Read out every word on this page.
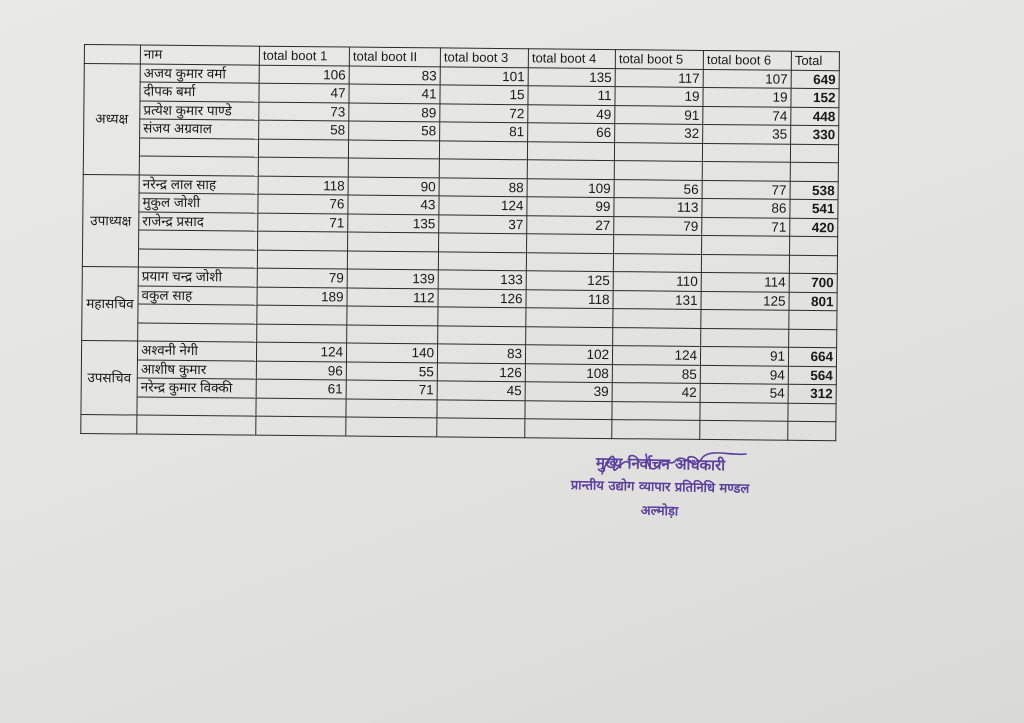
	नाम	total boot 1	total boot II	total boot 3	total boot 4	total boot 5	total boot 6	Total
अध्यक्ष	अजय कुमार वर्मा	106	83	101	135	117	107	649
	दीपक बर्मा	47	41	15	11	19	19	152
	प्रत्येश कुमार पाण्डे	73	89	72	49	91	74	448
	संजय अग्रवाल	58	58	81	66	32	35	330

उपाध्यक्ष	नरेन्द्र लाल साह	118	90	88	109	56	77	538
	मुकुल जोशी	76	43	124	99	113	86	541
	राजेन्द्र प्रसाद	71	135	37	27	79	71	420

महासचिव	प्रयाग चन्द्र जोशी	79	139	133	125	110	114	700
	वकुल साह	189	112	126	118	131	125	801

उपसचिव	अश्वनी नेगी	124	140	83	102	124	91	664
	आशीष कुमार	96	55	126	108	85	94	564
	नरेन्द्र कुमार विक्की	61	71	45	39	42	54	312

मुख्य निर्वाचन अधिकारी
प्रान्तीय उद्योग व्यापार प्रतिनिधि मण्डल
अल्मोड़ा
